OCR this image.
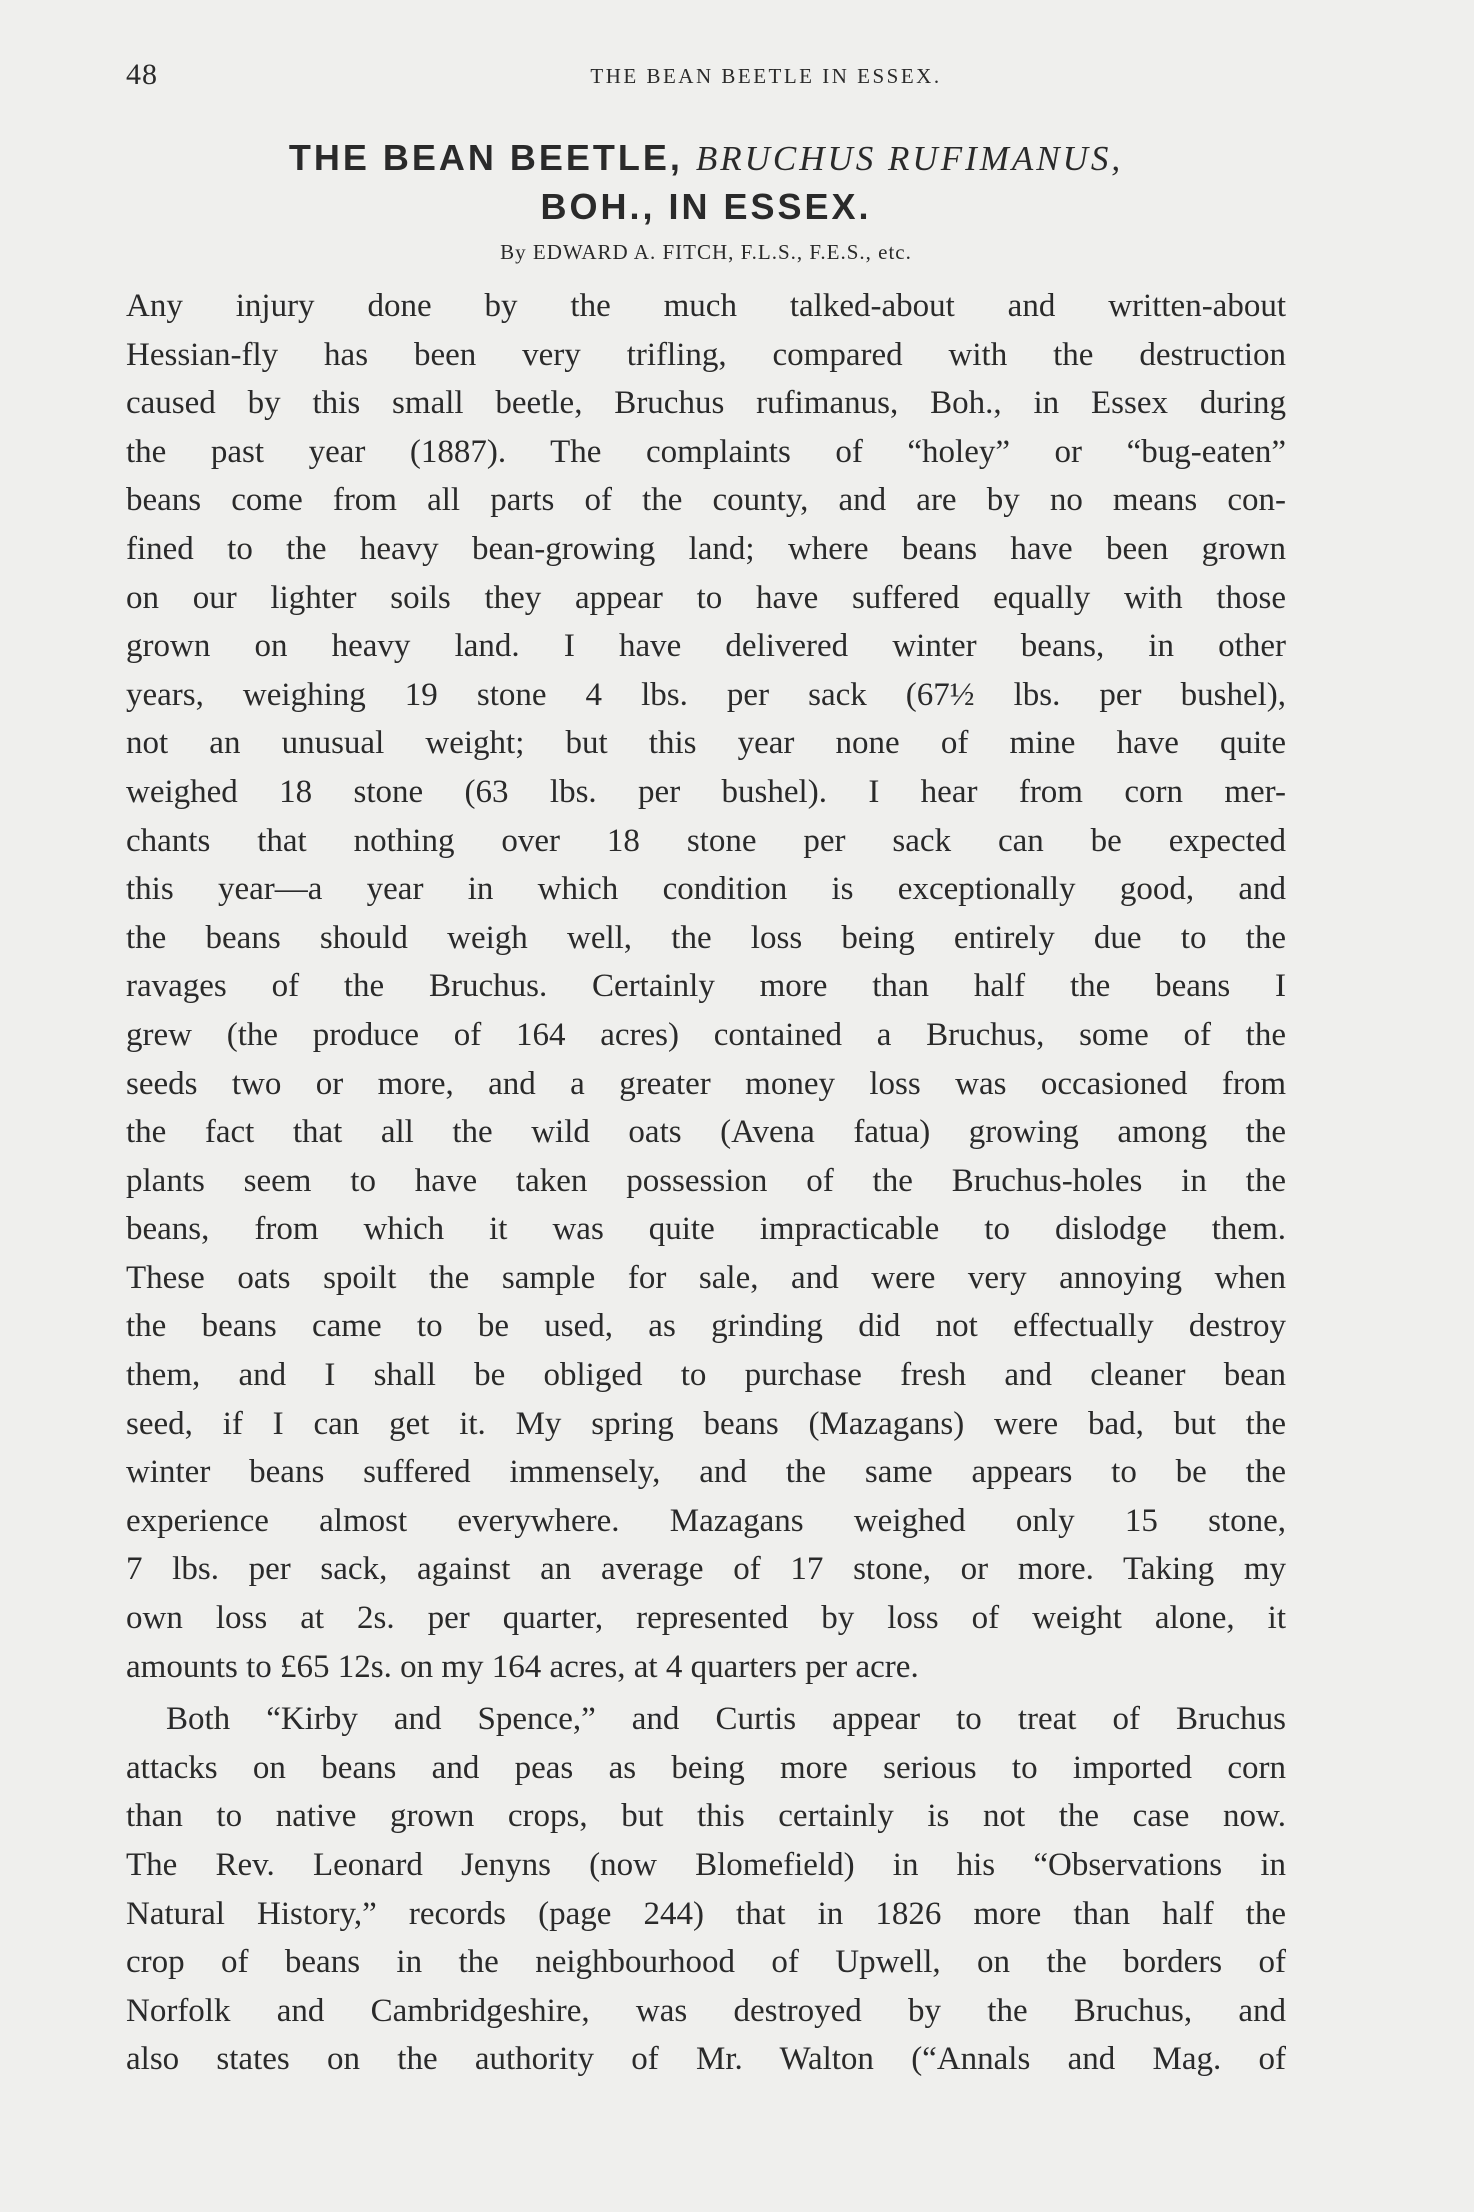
48	THE BEAN BEETLE IN ESSEX.
THE BEAN BEETLE, BRUCHUS RUFIMANUS,
BOH., IN ESSEX.
By EDWARD A. FITCH, F.L.S., F.E.S., etc.

Any injury done by the much talked-about and written-about

Hessian-fly has been very trifling, compared with the destruction

caused by this small beetle, Bruchus rufimanus, Boh., in Essex during

the past year (1887). The complaints of “holey” or “bug-eaten”

beans come from all parts of the county, and are by no means con-

fined to the heavy bean-growing land; where beans have been grown

on our lighter soils they appear to have suffered equally with those

grown on heavy land. I have delivered winter beans, in other

years, weighing 19 stone 4 lbs. per sack (67½ lbs. per bushel),

not an unusual weight; but this year none of mine have quite

weighed 18 stone (63 lbs. per bushel). I hear from corn mer-

chants that nothing over 18 stone per sack can be expected

this year—a year in which condition is exceptionally good, and

the beans should weigh well, the loss being entirely due to the

ravages of the Bruchus. Certainly more than half the beans I

grew (the produce of 164 acres) contained a Bruchus, some of the

seeds two or more, and a greater money loss was occasioned from

the fact that all the wild oats (Avena fatua) growing among the

plants seem to have taken possession of the Bruchus-holes in the

beans, from which it was quite impracticable to dislodge them.

These oats spoilt the sample for sale, and were very annoying when

the beans came to be used, as grinding did not effectually destroy

them, and I shall be obliged to purchase fresh and cleaner bean

seed, if I can get it. My spring beans (Mazagans) were bad, but the

winter beans suffered immensely, and the same appears to be the

experience almost everywhere. Mazagans weighed only 15 stone,

7 lbs. per sack, against an average of 17 stone, or more. Taking my

own loss at 2s. per quarter, represented by loss of weight alone, it

amounts to £65 12s. on my 164 acres, at 4 quarters per acre.

Both “Kirby and Spence,” and Curtis appear to treat of Bruchus

attacks on beans and peas as being more serious to imported corn

than to native grown crops, but this certainly is not the case now.

The Rev. Leonard Jenyns (now Blomefield) in his “Observations in

Natural History,” records (page 244) that in 1826 more than half the

crop of beans in the neighbourhood of Upwell, on the borders of

Norfolk and Cambridgeshire, was destroyed by the Bruchus, and

also states on the authority of Mr. Walton (“Annals and Mag. of
